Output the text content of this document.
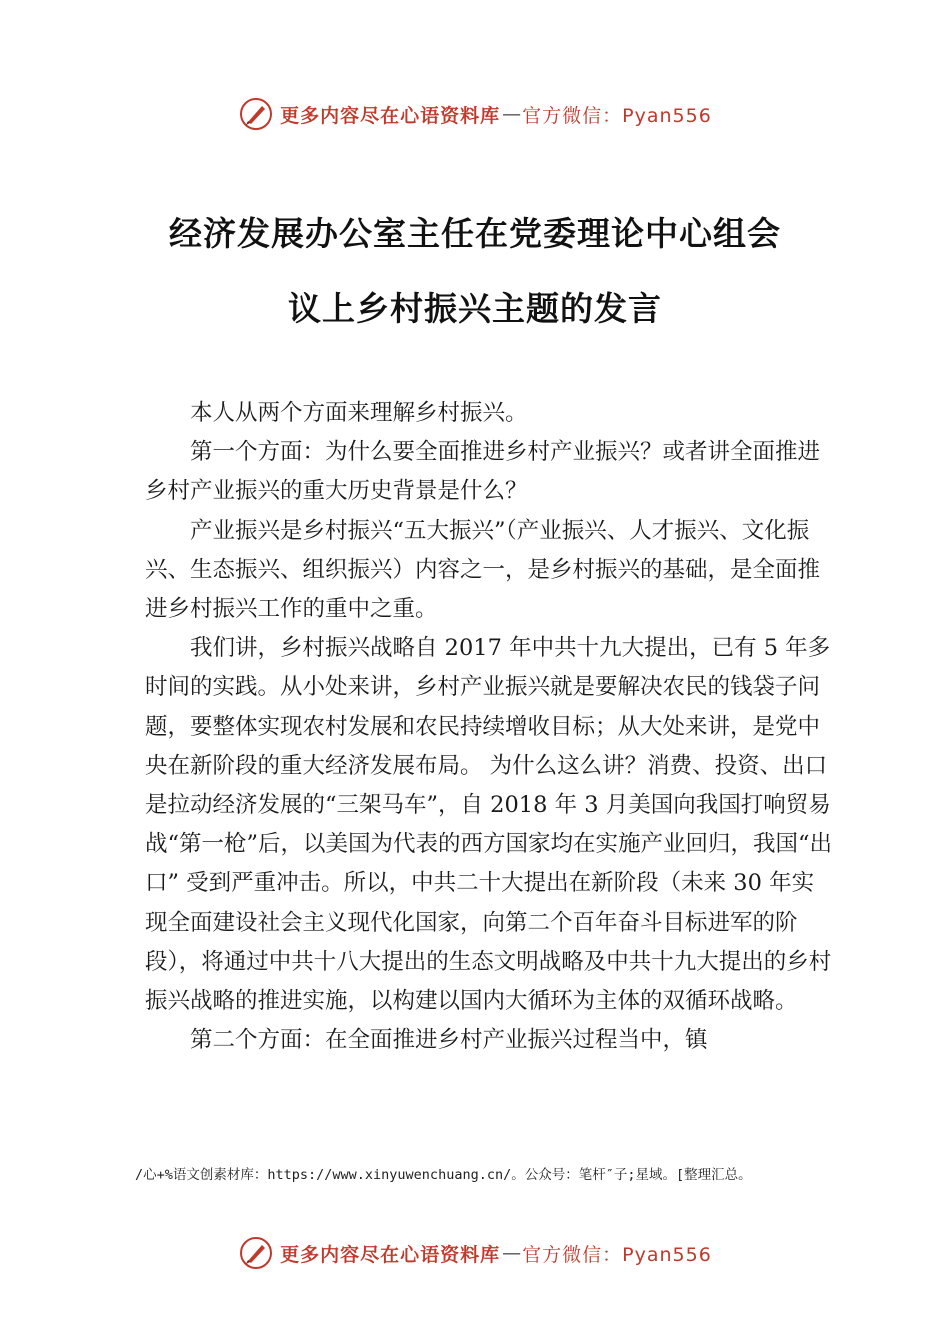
更多内容尽在心语资料库 — 官方微信：Pyan556
经济发展办公室主任在党委理论中心组会
议上乡村振兴主题的发言

本人从两个方面来理解乡村振兴。

第一个方面：为什么要全面推进乡村产业振兴？或者讲全面推进乡村产业振兴的重大历史背景是什么？

产业振兴是乡村振兴“五大振兴”（产业振兴、人才振兴、文化振兴、生态振兴、组织振兴）内容之一，是乡村振兴的基础，是全面推进乡村振兴工作的重中之重。

我们讲，乡村振兴战略自 2017 年中共十九大提出，已有 5 年多时间的实践。从小处来讲，乡村产业振兴就是要解决农民的钱袋子问题，要整体实现农村发展和农民持续增收目标；从大处来讲，是党中央在新阶段的重大经济发展布局。 为什么这么讲？消费、投资、出口是拉动经济发展的“三架马车”，自 2018 年 3 月美国向我国打响贸易战“第一枪”后，以美国为代表的西方国家均在实施产业回归，我国“出口” 受到严重冲击。所以，中共二十大提出在新阶段（未来 30 年实现全面建设社会主义现代化国家，向第二个百年奋斗目标进军的阶段），将通过中共十八大提出的生态文明战略及中共十九大提出的乡村振兴战略的推进实施，以构建以国内大循环为主体的双循环战略。

第二个方面：在全面推进乡村产业振兴过程当中，镇

/心+%语文创素材库：https://www.xinyuwenchuang.cn/。公众号：笔杆″子;星域。[整理汇总。
更多内容尽在心语资料库 — 官方微信：Pyan556
